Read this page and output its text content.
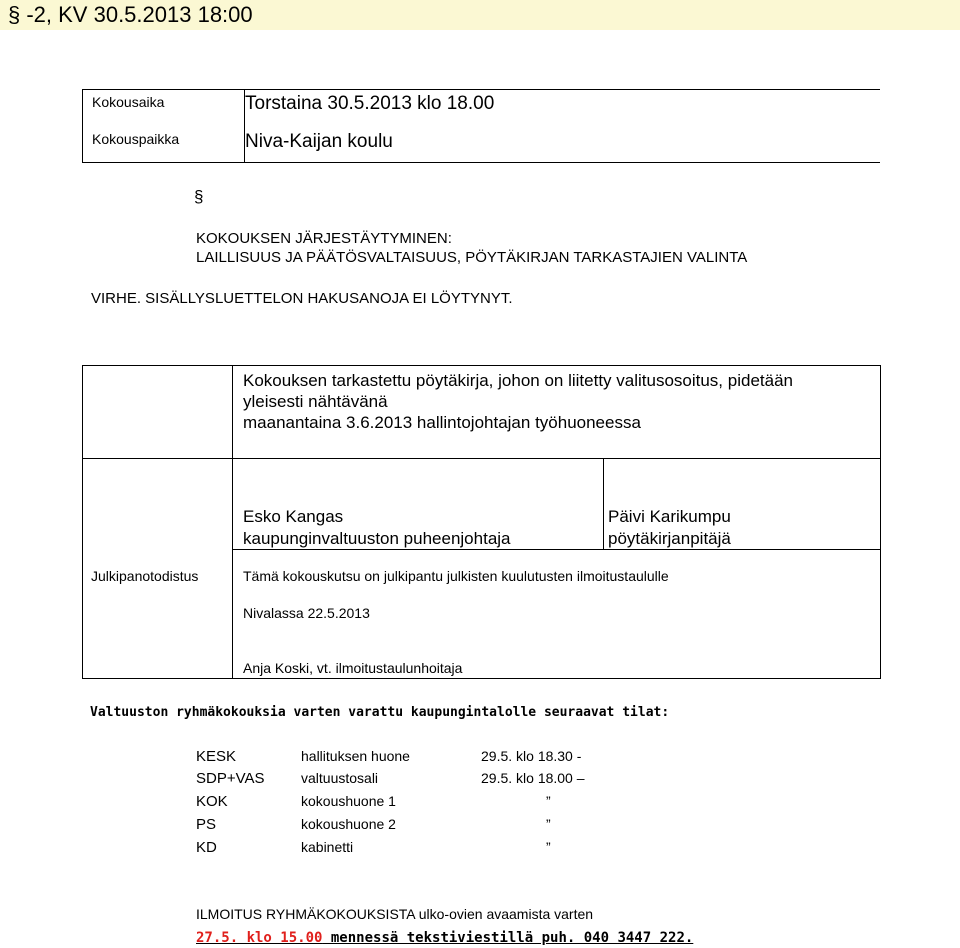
§ -2, KV 30.5.2013 18:00
Kokousaika	Torstaina 30.5.2013 klo 18.00
Kokouspaikka	Niva-Kaijan koulu
§
KOKOUKSEN JÄRJESTÄYTYMINEN:
LAILLISUUS JA PÄÄTÖSVALTAISUUS, PÖYTÄKIRJAN TARKASTAJIEN VALINTA
VIRHE. SISÄLLYSLUETTELON HAKUSANOJA EI LÖYTYNYT.
Kokouksen tarkastettu pöytäkirja, johon on liitetty valitusosoitus, pidetään
yleisesti nähtävänä
maanantaina 3.6.2013 hallintojohtajan työhuoneessa
Esko Kangas
kaupunginvaltuuston puheenjohtaja
Päivi Karikumpu
pöytäkirjanpitäjä
Julkipanotodistus	Tämä kokouskutsu on julkipantu julkisten kuulutusten ilmoitustaululle
Nivalassa 22.5.2013
Anja Koski, vt. ilmoitustaulunhoitaja
Valtuuston ryhmäkokouksia varten varattu kaupungintalolle seuraavat tilat:
KESK	hallituksen huone	29.5. klo 18.30 -
SDP+VAS	valtuustosali	29.5. klo 18.00 –
KOK	kokoushuone 1	”
PS	kokoushuone 2	”
KD	kabinetti	”
ILMOITUS RYHMÄKOKOUKSISTA ulko-ovien avaamista varten
27.5. klo 15.00 mennessä tekstiviestillä puh. 040 3447 222.
